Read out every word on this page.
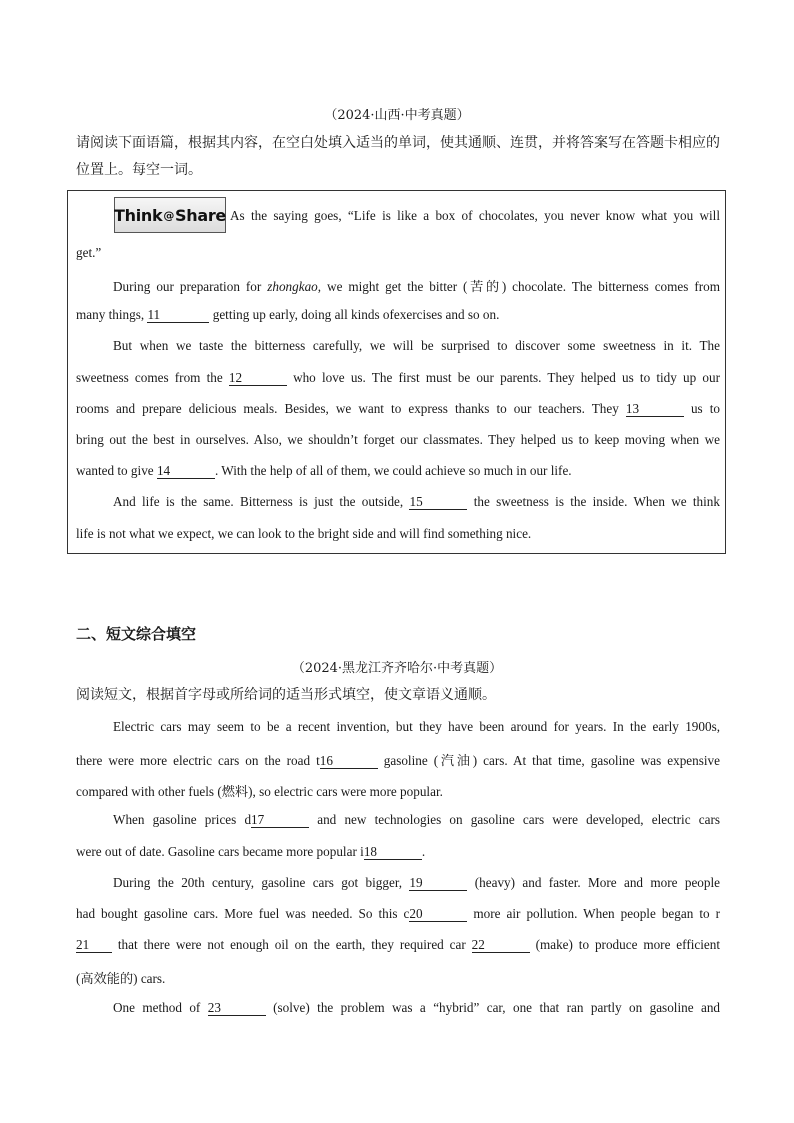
（2024·山西·中考真题）
请阅读下面语篇，根据其内容，在空白处填入适当的单词，使其通顺、连贯，并将答案写在答题卡相应的
位置上。每空一词。
Think @ Share As the saying goes, “Life is like a box of chocolates, you never know what you will
get.”
During our preparation for zhongkao, we might get the bitter (苦的) chocolate. The bitterness comes from
many things, 11	getting up early, doing all kinds ofexercises and so on.
But when we taste the bitterness carefully, we will be surprised to discover some sweetness in it. The
sweetness comes from the 12	who love us. The first must be our parents. They helped us to tidy up our
rooms and prepare delicious meals. Besides, we want to express thanks to our teachers. They 13	us to
bring out the best in ourselves. Also, we shouldn’t forget our classmates. They helped us to keep moving when we
wanted to give 14	. With the help of all of them, we could achieve so much in our life.
And life is the same. Bitterness is just the outside, 15	the sweetness is the inside. When we think
life is not what we expect, we can look to the bright side and will find something nice.
二、短文综合填空
（2024·黑龙江齐齐哈尔·中考真题）
阅读短文，根据首字母或所给词的适当形式填空，使文章语义通顺。
Electric cars may seem to be a recent invention, but they have been around for years. In the early 1900s,
there were more electric cars on the road t16	gasoline (汽油) cars. At that time, gasoline was expensive
compared with other fuels (燃料), so electric cars were more popular.
When gasoline prices d17	and new technologies on gasoline cars were developed, electric cars
were out of date. Gasoline cars became more popular i18	.
During the 20th century, gasoline cars got bigger, 19	(heavy) and faster. More and more people
had bought gasoline cars. More fuel was needed. So this c20	more air pollution. When people began to r
21 that there were not enough oil on the earth, they required car 22	(make) to produce more efficient
(高效能的) cars.
One method of 23	(solve) the problem was a “hybrid” car, one that ran partly on gasoline and
